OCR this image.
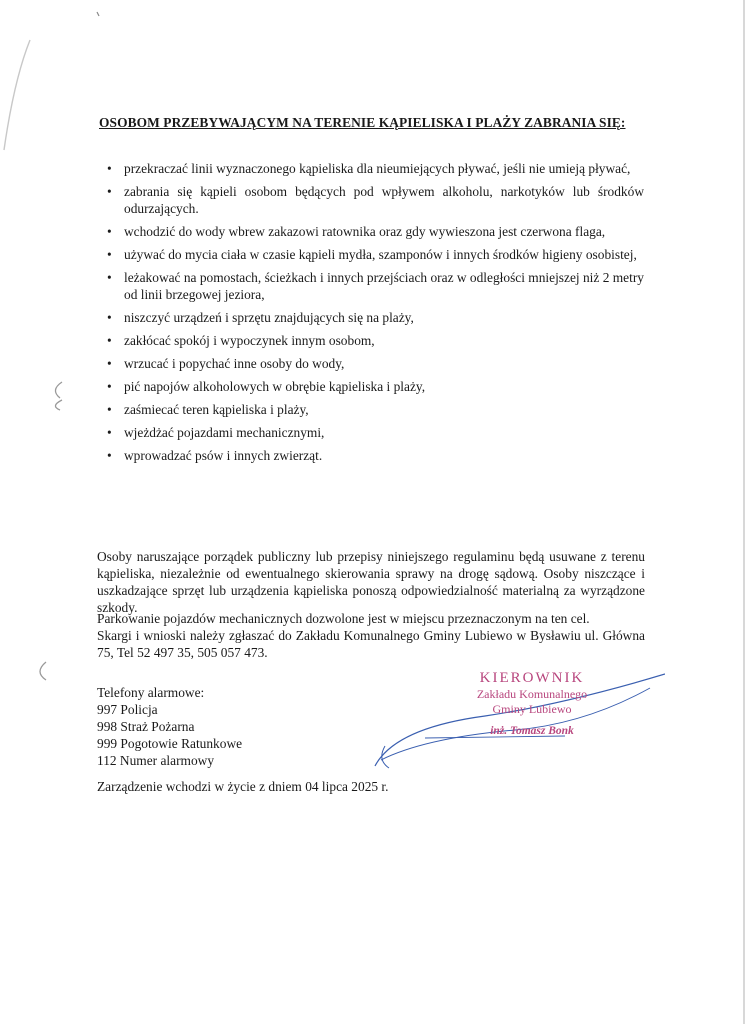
OSOBOM PRZEBYWAJĄCYM NA TERENIE KĄPIELISKA I PLAŻY ZABRANIA SIĘ:
• przekraczać linii wyznaczonego kąpieliska dla nieumiejących pływać, jeśli nie umieją pływać,
• zabrania się kąpieli osobom będących pod wpływem alkoholu, narkotyków lub środków odurzających.
• wchodzić do wody wbrew zakazowi ratownika oraz gdy wywieszona jest czerwona flaga,
• używać do mycia ciała w czasie kąpieli mydła, szamponów i innych środków higieny osobistej,
• leżakować na pomostach, ścieżkach i innych przejściach oraz w odległości mniejszej niż 2 metry od linii brzegowej jeziora,
• niszczyć urządzeń i sprzętu znajdujących się na plaży,
• zakłócać spokój i wypoczynek innym osobom,
• wrzucać i popychać inne osoby do wody,
• pić napojów alkoholowych w obrębie kąpieliska i plaży,
• zaśmiecać teren kąpieliska i plaży,
• wjeżdżać pojazdami mechanicznymi,
• wprowadzać psów i innych zwierząt.

Osoby naruszające porządek publiczny lub przepisy niniejszego regulaminu będą usuwane z terenu kąpieliska, niezależnie od ewentualnego skierowania sprawy na drogę sądową. Osoby niszczące i uszkadzające sprzęt lub urządzenia kąpieliska ponoszą odpowiedzialność materialną za wyrządzone szkody.

Parkowanie pojazdów mechanicznych dozwolone jest w miejscu przeznaczonym na ten cel.

Skargi i wnioski należy zgłaszać do Zakładu Komunalnego Gminy Lubiewo w Bysławiu ul. Główna 75, Tel 52 497 35, 505 057 473.

Telefony alarmowe:
997 Policja
998 Straż Pożarna
999 Pogotowie Ratunkowe
112 Numer alarmowy
Zarządzenie wchodzi w życie z dniem 04 lipca 2025 r.
KIEROWNIK
Zakładu Komunalnego
Gminy Lubiewo
inż. Tomasz Bonk
